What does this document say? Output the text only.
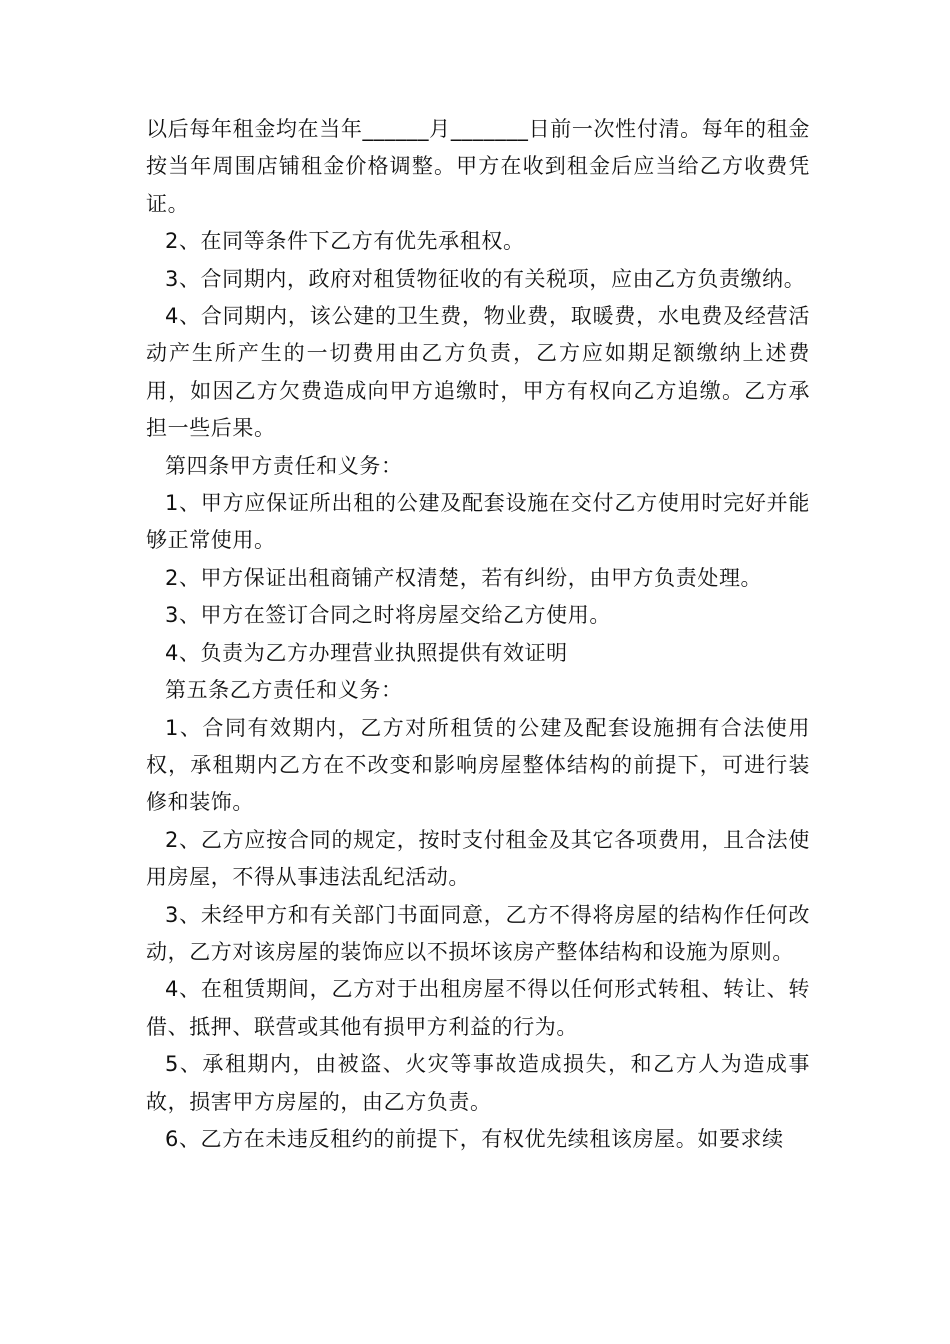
以后每年租金均在当年______月_______日前一次性付清。每年的租金按当年周围店铺租金价格调整。甲方在收到租金后应当给乙方收费凭证。

2、在同等条件下乙方有优先承租权。

3、合同期内，政府对租赁物征收的有关税项，应由乙方负责缴纳。

4、合同期内，该公建的卫生费，物业费，取暖费，水电费及经营活动产生所产生的一切费用由乙方负责，乙方应如期足额缴纳上述费用，如因乙方欠费造成向甲方追缴时，甲方有权向乙方追缴。乙方承担一些后果。

第四条甲方责任和义务：

1、甲方应保证所出租的公建及配套设施在交付乙方使用时完好并能够正常使用。

2、甲方保证出租商铺产权清楚，若有纠纷，由甲方负责处理。

3、甲方在签订合同之时将房屋交给乙方使用。

4、负责为乙方办理营业执照提供有效证明

第五条乙方责任和义务：

1、合同有效期内，乙方对所租赁的公建及配套设施拥有合法使用权，承租期内乙方在不改变和影响房屋整体结构的前提下，可进行装修和装饰。

2、乙方应按合同的规定，按时支付租金及其它各项费用，且合法使用房屋，不得从事违法乱纪活动。

3、未经甲方和有关部门书面同意，乙方不得将房屋的结构作任何改动，乙方对该房屋的装饰应以不损坏该房产整体结构和设施为原则。

4、在租赁期间，乙方对于出租房屋不得以任何形式转租、转让、转借、抵押、联营或其他有损甲方利益的行为。

5、承租期内，由被盗、火灾等事故造成损失，和乙方人为造成事故，损害甲方房屋的，由乙方负责。

6、乙方在未违反租约的前提下，有权优先续租该房屋。如要求续
